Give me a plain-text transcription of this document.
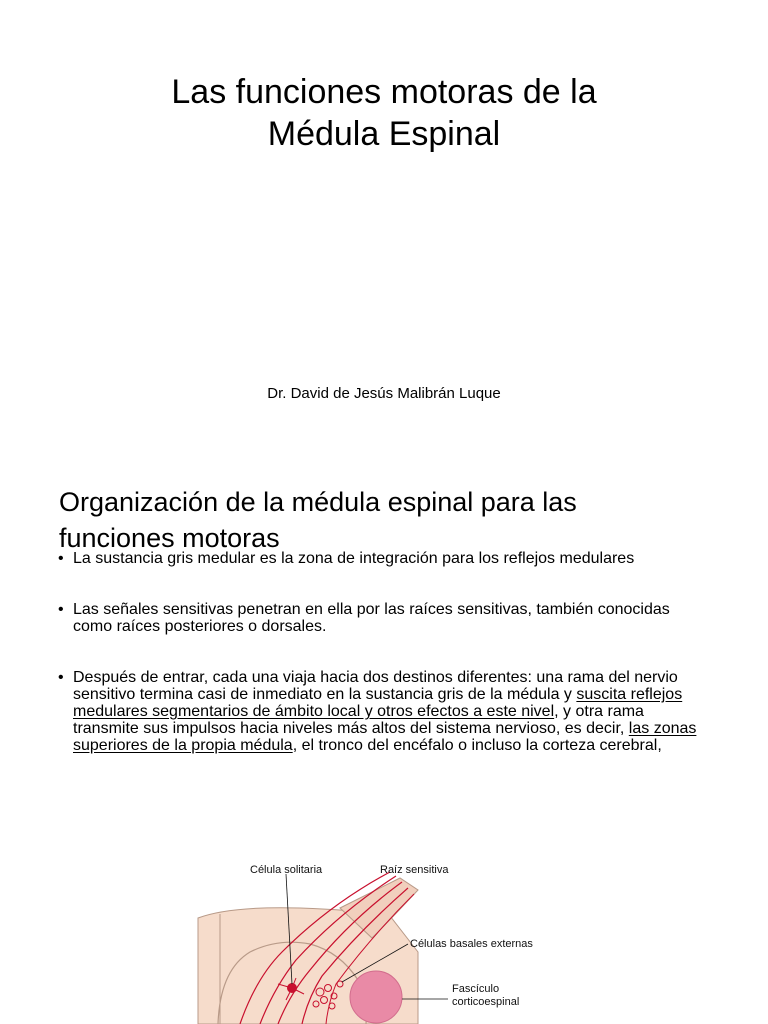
Las funciones motoras de la
Médula Espinal
Dr. David de Jesús Malibrán Luque
Organización de la médula espinal para las
funciones motoras
• La sustancia gris medular es la zona de integración para los reflejos medulares
• Las señales sensitivas penetran en ella por las raíces sensitivas, también conocidas como raíces posteriores o dorsales.
• Después de entrar, cada una viaja hacia dos destinos diferentes: una rama del nervio sensitivo termina casi de inmediato en la sustancia gris de la médula y suscita reflejos medulares segmentarios de ámbito local y otros efectos a este nivel, y otra rama transmite sus impulsos hacia niveles más altos del sistema nervioso, es decir, las zonas superiores de la propia médula, el tronco del encéfalo o incluso la corteza cerebral,
Célula solitaria	Raíz sensitiva
Células basales externas
Fascículo
corticoespinal
